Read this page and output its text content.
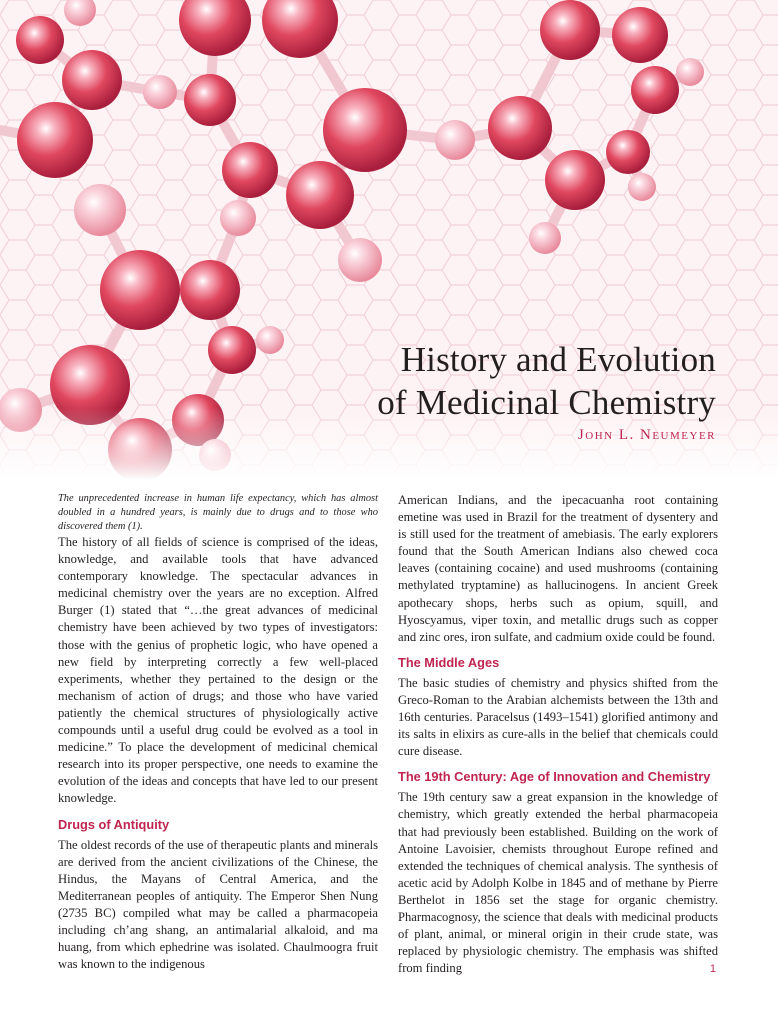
History and Evolution
of Medicinal Chemistry
John L. Neumeyer

The unprecedented increase in human life expectancy, which has almost doubled in a hundred years, is mainly due to drugs and to those who discovered them (1).

The history of all fields of science is comprised of the ideas, knowledge, and available tools that have advanced contemporary knowledge. The spectacular advances in medicinal chemistry over the years are no exception. Alfred Burger (1) stated that “…the great advances of medicinal chemistry have been achieved by two types of investigators: those with the genius of prophetic logic, who have opened a new field by interpreting correctly a few well-placed experiments, whether they pertained to the design or the mechanism of action of drugs; and those who have varied patiently the chemical structures of physiologically active compounds until a useful drug could be evolved as a tool in medicine.” To place the development of medicinal chemical research into its proper perspective, one needs to examine the evolution of the ideas and concepts that have led to our present knowledge.

Drugs of Antiquity

The oldest records of the use of therapeutic plants and minerals are derived from the ancient civilizations of the Chinese, the Hindus, the Mayans of Central America, and the Mediterranean peoples of antiquity. The Emperor Shen Nung (2735 BC) compiled what may be called a pharmacopeia including ch’ang shang, an antimalarial alkaloid, and ma huang, from which ephedrine was isolated. Chaulmoogra fruit was known to the indigenous

American Indians, and the ipecacuanha root containing emetine was used in Brazil for the treatment of dysentery and is still used for the treatment of amebiasis. The early explorers found that the South American Indians also chewed coca leaves (containing cocaine) and used mushrooms (containing methylated tryptamine) as hallucinogens. In ancient Greek apothecary shops, herbs such as opium, squill, and Hyoscyamus, viper toxin, and metallic drugs such as copper and zinc ores, iron sulfate, and cadmium oxide could be found.

The Middle Ages

The basic studies of chemistry and physics shifted from the Greco-Roman to the Arabian alchemists between the 13th and 16th centuries. Paracelsus (1493–1541) glorified antimony and its salts in elixirs as cure-alls in the belief that chemicals could cure disease.

The 19th Century: Age of Innovation and Chemistry

The 19th century saw a great expansion in the knowledge of chemistry, which greatly extended the herbal pharmacopeia that had previously been established. Building on the work of Antoine Lavoisier, chemists throughout Europe refined and extended the techniques of chemical analysis. The synthesis of acetic acid by Adolph Kolbe in 1845 and of methane by Pierre Berthelot in 1856 set the stage for organic chemistry. Pharmacognosy, the science that deals with medicinal products of plant, animal, or mineral origin in their crude state, was replaced by physiologic chemistry. The emphasis was shifted from finding	1
